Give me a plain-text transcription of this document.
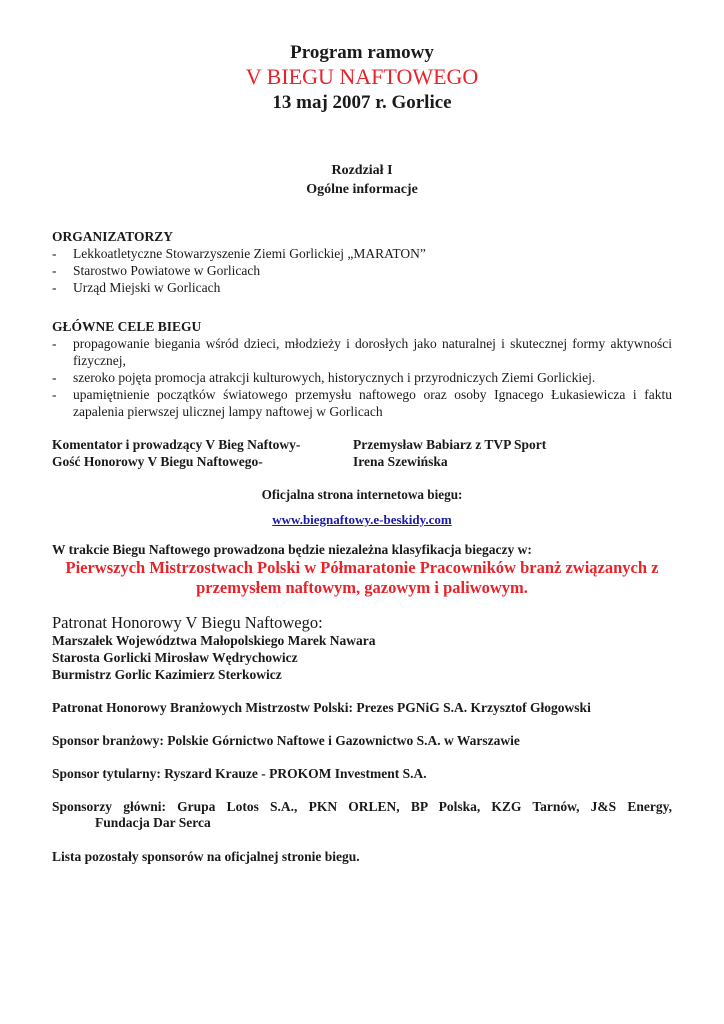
Program ramowy
V BIEGU NAFTOWEGO
13 maj 2007 r. Gorlice
Rozdział I
Ogólne informacje
ORGANIZATORZY
- Lekkoatletyczne Stowarzyszenie Ziemi Gorlickiej „MARATON”
- Starostwo Powiatowe w Gorlicach
- Urząd Miejski w Gorlicach
GŁÓWNE CELE BIEGU
- propagowanie biegania wśród dzieci, młodzieży i dorosłych jako naturalnej i skutecznej formy aktywności fizycznej,
- szeroko pojęta promocja atrakcji kulturowych, historycznych i przyrodniczych Ziemi Gorlickiej.
- upamiętnienie początków światowego przemysłu naftowego oraz osoby Ignacego Łukasiewicza i faktu zapalenia pierwszej ulicznej lampy naftowej w Gorlicach
Komentator i prowadzący V Bieg Naftowy-	Przemysław Babiarz z TVP Sport
Gość Honorowy V Biegu Naftowego-	Irena Szewińska
Oficjalna strona internetowa biegu:
www.biegnaftowy.e-beskidy.com
W trakcie Biegu Naftowego prowadzona będzie niezależna klasyfikacja biegaczy w:
Pierwszych Mistrzostwach Polski w Półmaratonie Pracowników branż związanych z
przemysłem naftowym, gazowym i paliwowym.
Patronat Honorowy V Biegu Naftowego:
Marszałek Województwa Małopolskiego Marek Nawara
Starosta Gorlicki Mirosław Wędrychowicz
Burmistrz Gorlic Kazimierz Sterkowicz
Patronat Honorowy Branżowych Mistrzostw Polski: Prezes PGNiG S.A. Krzysztof Głogowski
Sponsor branżowy: Polskie Górnictwo Naftowe i Gazownictwo S.A. w Warszawie
Sponsor tytularny: Ryszard Krauze - PROKOM Investment S.A.
Sponsorzy główni: Grupa Lotos S.A., PKN ORLEN, BP Polska, KZG Tarnów, J&S Energy,
Fundacja Dar Serca
Lista pozostały sponsorów na oficjalnej stronie biegu.
